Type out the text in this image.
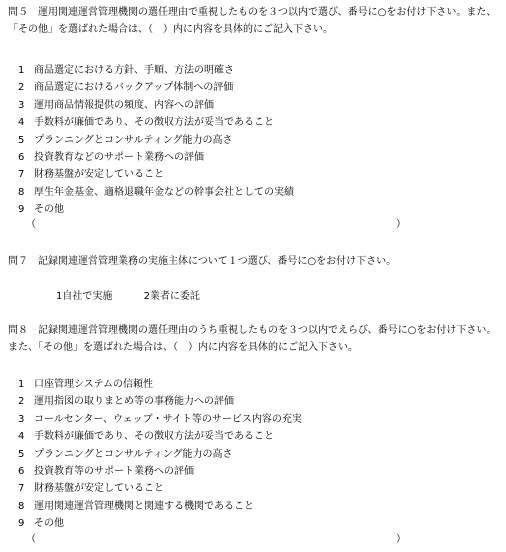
問５　運用関連運営管理機関の選任理由で重視したものを３つ以内で選び、番号に○をお付け下さい。また、「その他」を選ばれた場合は、（　）内に内容を具体的にご記入下さい。
1 商品選定における方針、手順、方法の明確さ
2 商品選定におけるバックアップ体制への評価
3 運用商品情報提供の頻度、内容への評価
4 手数料が廉価であり、その徴収方法が妥当であること
5 プランニングとコンサルティング能力の高さ
6 投資教育などのサポート業務への評価
7 財務基盤が安定していること
8 厚生年金基金、適格退職年金などの幹事会社としての実績
9 その他
（	）
問７　記録関連運営管理業務の実施主体について１つ選び、番号に○をお付け下さい。
1自社で実施	2業者に委託
問８　記録関連運営管理機関の選任理由のうち重視したものを３つ以内でえらび、番号に○をお付け下さい。また、「その他」を選ばれた場合は、（　）内に内容を具体的にご記入下さい。
1 口座管理システムの信頼性
2 運用指図の取りまとめ等の事務能力への評価
3 コールセンター、ウェッブ・サイト等のサービス内容の充実
4 手数料が廉価であり、その徴収方法が妥当であること
5 プランニングとコンサルティング能力の高さ
6 投資教育等のサポート業務への評価
7 財務基盤が安定していること
8 運用関連運営管理機関と関連する機関であること
9 その他
（	）
